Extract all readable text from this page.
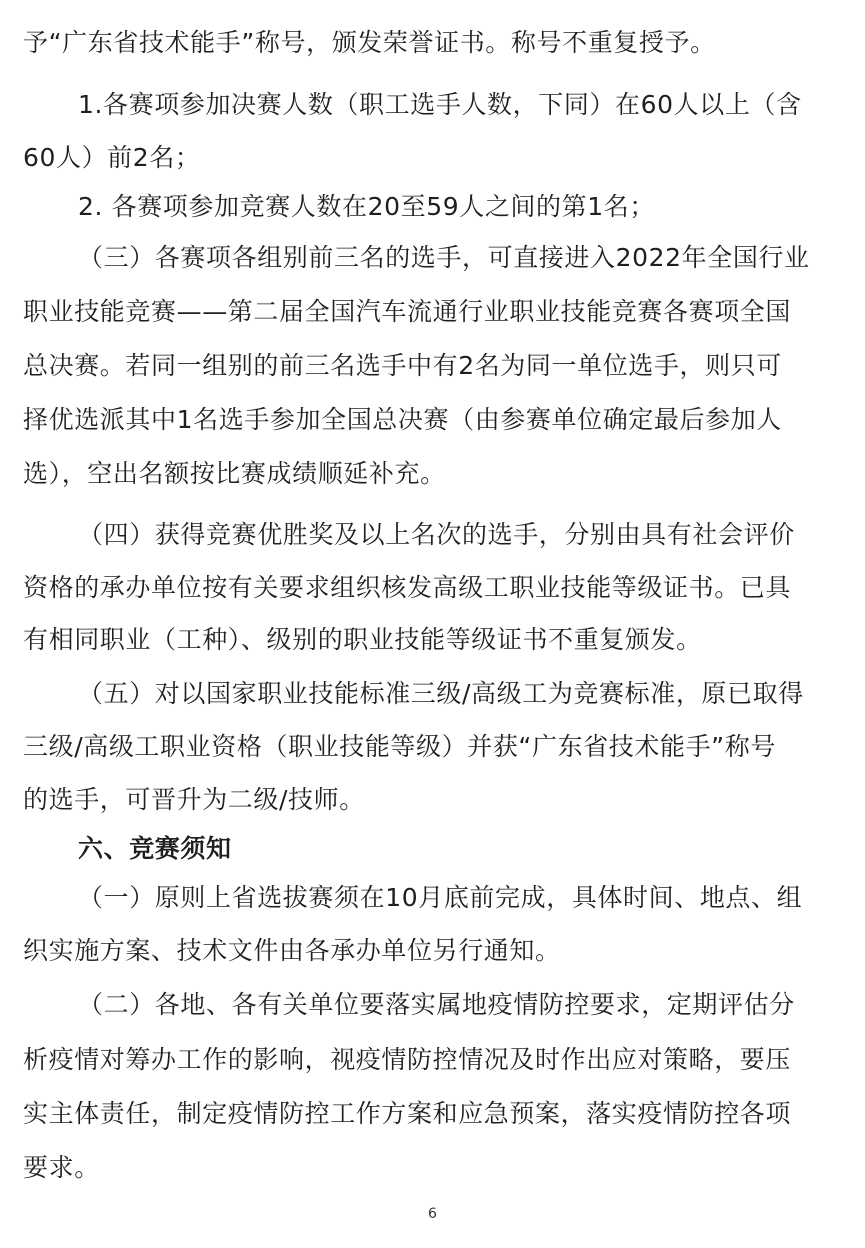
予“广东省技术能手”称号，颁发荣誉证书。称号不重复授予。
1.各赛项参加决赛人数（职工选手人数，下同）在60人以上（含
60人）前2名；
2. 各赛项参加竞赛人数在20至59人之间的第1名；
（三）各赛项各组别前三名的选手，可直接进入2022年全国行业
职业技能竞赛——第二届全国汽车流通行业职业技能竞赛各赛项全国
总决赛。若同一组别的前三名选手中有2名为同一单位选手，则只可
择优选派其中1名选手参加全国总决赛（由参赛单位确定最后参加人
选），空出名额按比赛成绩顺延补充。
（四）获得竞赛优胜奖及以上名次的选手，分别由具有社会评价
资格的承办单位按有关要求组织核发高级工职业技能等级证书。已具
有相同职业（工种）、级别的职业技能等级证书不重复颁发。
（五）对以国家职业技能标准三级/高级工为竞赛标准，原已取得
三级/高级工职业资格（职业技能等级）并获“广东省技术能手”称号
的选手，可晋升为二级/技师。
六、竞赛须知
（一）原则上省选拔赛须在10月底前完成，具体时间、地点、组
织实施方案、技术文件由各承办单位另行通知。
（二）各地、各有关单位要落实属地疫情防控要求，定期评估分
析疫情对筹办工作的影响，视疫情防控情况及时作出应对策略，要压
实主体责任，制定疫情防控工作方案和应急预案，落实疫情防控各项
要求。
6
